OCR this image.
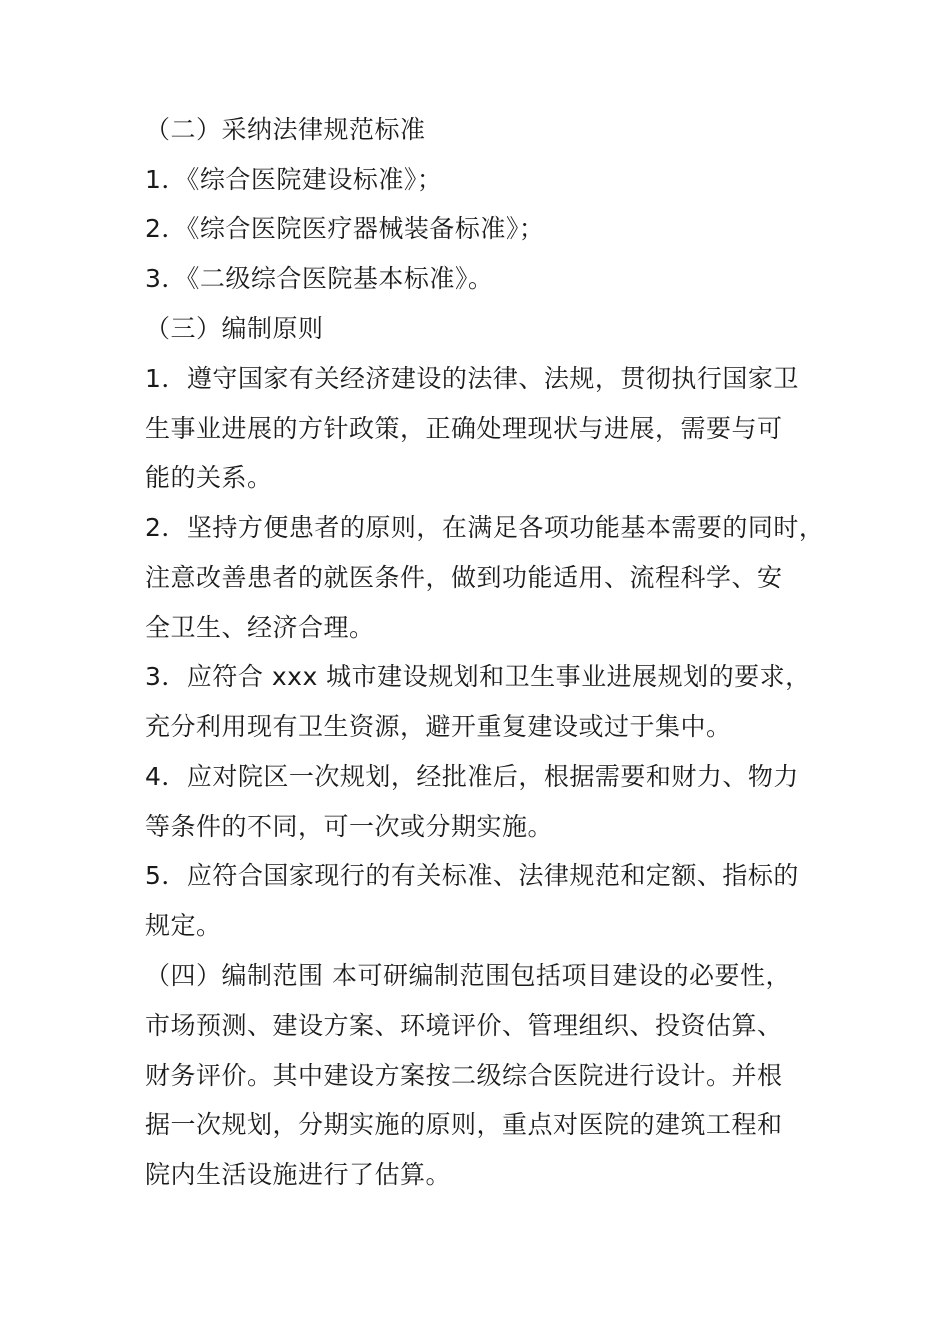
（二）采纳法律规范标准
1．《综合医院建设标准》；
2．《综合医院医疗器械装备标准》；
3．《二级综合医院基本标准》。
（三）编制原则
1．遵守国家有关经济建设的法律、法规，贯彻执行国家卫
生事业进展的方针政策，正确处理现状与进展，需要与可
能的关系。
2．坚持方便患者的原则，在满足各项功能基本需要的同时，
注意改善患者的就医条件，做到功能适用、流程科学、安
全卫生、经济合理。
3．应符合 xxx 城市建设规划和卫生事业进展规划的要求，
充分利用现有卫生资源，避开重复建设或过于集中。
4．应对院区一次规划，经批准后，根据需要和财力、物力
等条件的不同，可一次或分期实施。
5．应符合国家现行的有关标准、法律规范和定额、指标的
规定。
（四）编制范围 本可研编制范围包括项目建设的必要性，
市场预测、建设方案、环境评价、管理组织、投资估算、
财务评价。其中建设方案按二级综合医院进行设计。并根
据一次规划，分期实施的原则，重点对医院的建筑工程和
院内生活设施进行了估算。
